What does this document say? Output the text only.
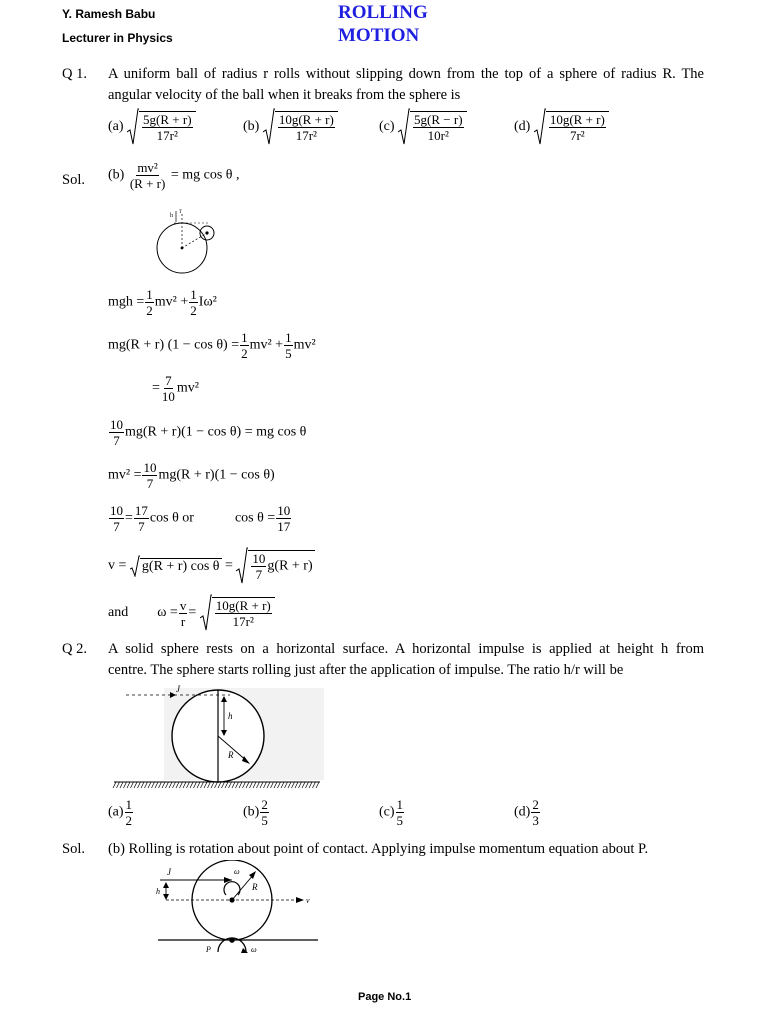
Y. Ramesh Babu
Lecturer in Physics
ROLLING
MOTION
Q 1. A uniform ball of radius r rolls without slipping down from the top of a sphere of radius R. The
angular velocity of the ball when it breaks from the sphere is
$(a) \frac{5g(R + r)}{\text{17r²}}$	$(b) \frac{10g(R + r)}{\text{17r²}}$	$(c) \frac{5g(R - r)}{\text{10r²}}$	$(d) \frac{10g(R + r)}{\text{7r²}}$
Sol. $(b) \frac{\text{mv²}}{(R + r)}$ = mg cos θ ,
h
T
mgh = $\frac{1}{2} mv^2 + \frac{1}{2} I\omega^2$
mg(R + r) $(1 - \cos \theta) = \frac{1}{2} mv^2 + \frac{1}{5} mv^2$
= $\frac{7}{10} mv^2$
$\frac{10}{7} mg(R + r)(1 - \cos \theta)$ = mg cos θ
$mv^2 = \frac{10}{7} mg(R + r)(1 - \cos \theta)$
$\frac{10}{7} = \frac{17}{7}$ cos θ or	$\cos \theta = \frac{10}{17}$
v = g(R + r) $\cos \theta = \frac{10}{7} g(R + r)$
and $\omega = \frac{v}{r} = \frac{10g(R + r)}{\text{17r²}}$
Q 2. A solid sphere rests on a horizontal surface. A horizontal impulse is applied at height h from
centre. The sphere starts rolling just after the application of impulse. The ratio h/r will be
J
h
R
$(a) \frac{1}{2}$	$(b) \frac{2}{5}$	$(c) \frac{1}{5}$	$(d) \frac{2}{3}$
Sol. (b) Rolling is rotation about point of contact. Applying impulse momentum equation about P.
J
v
h	R
ω
P	ω
Page No.1
